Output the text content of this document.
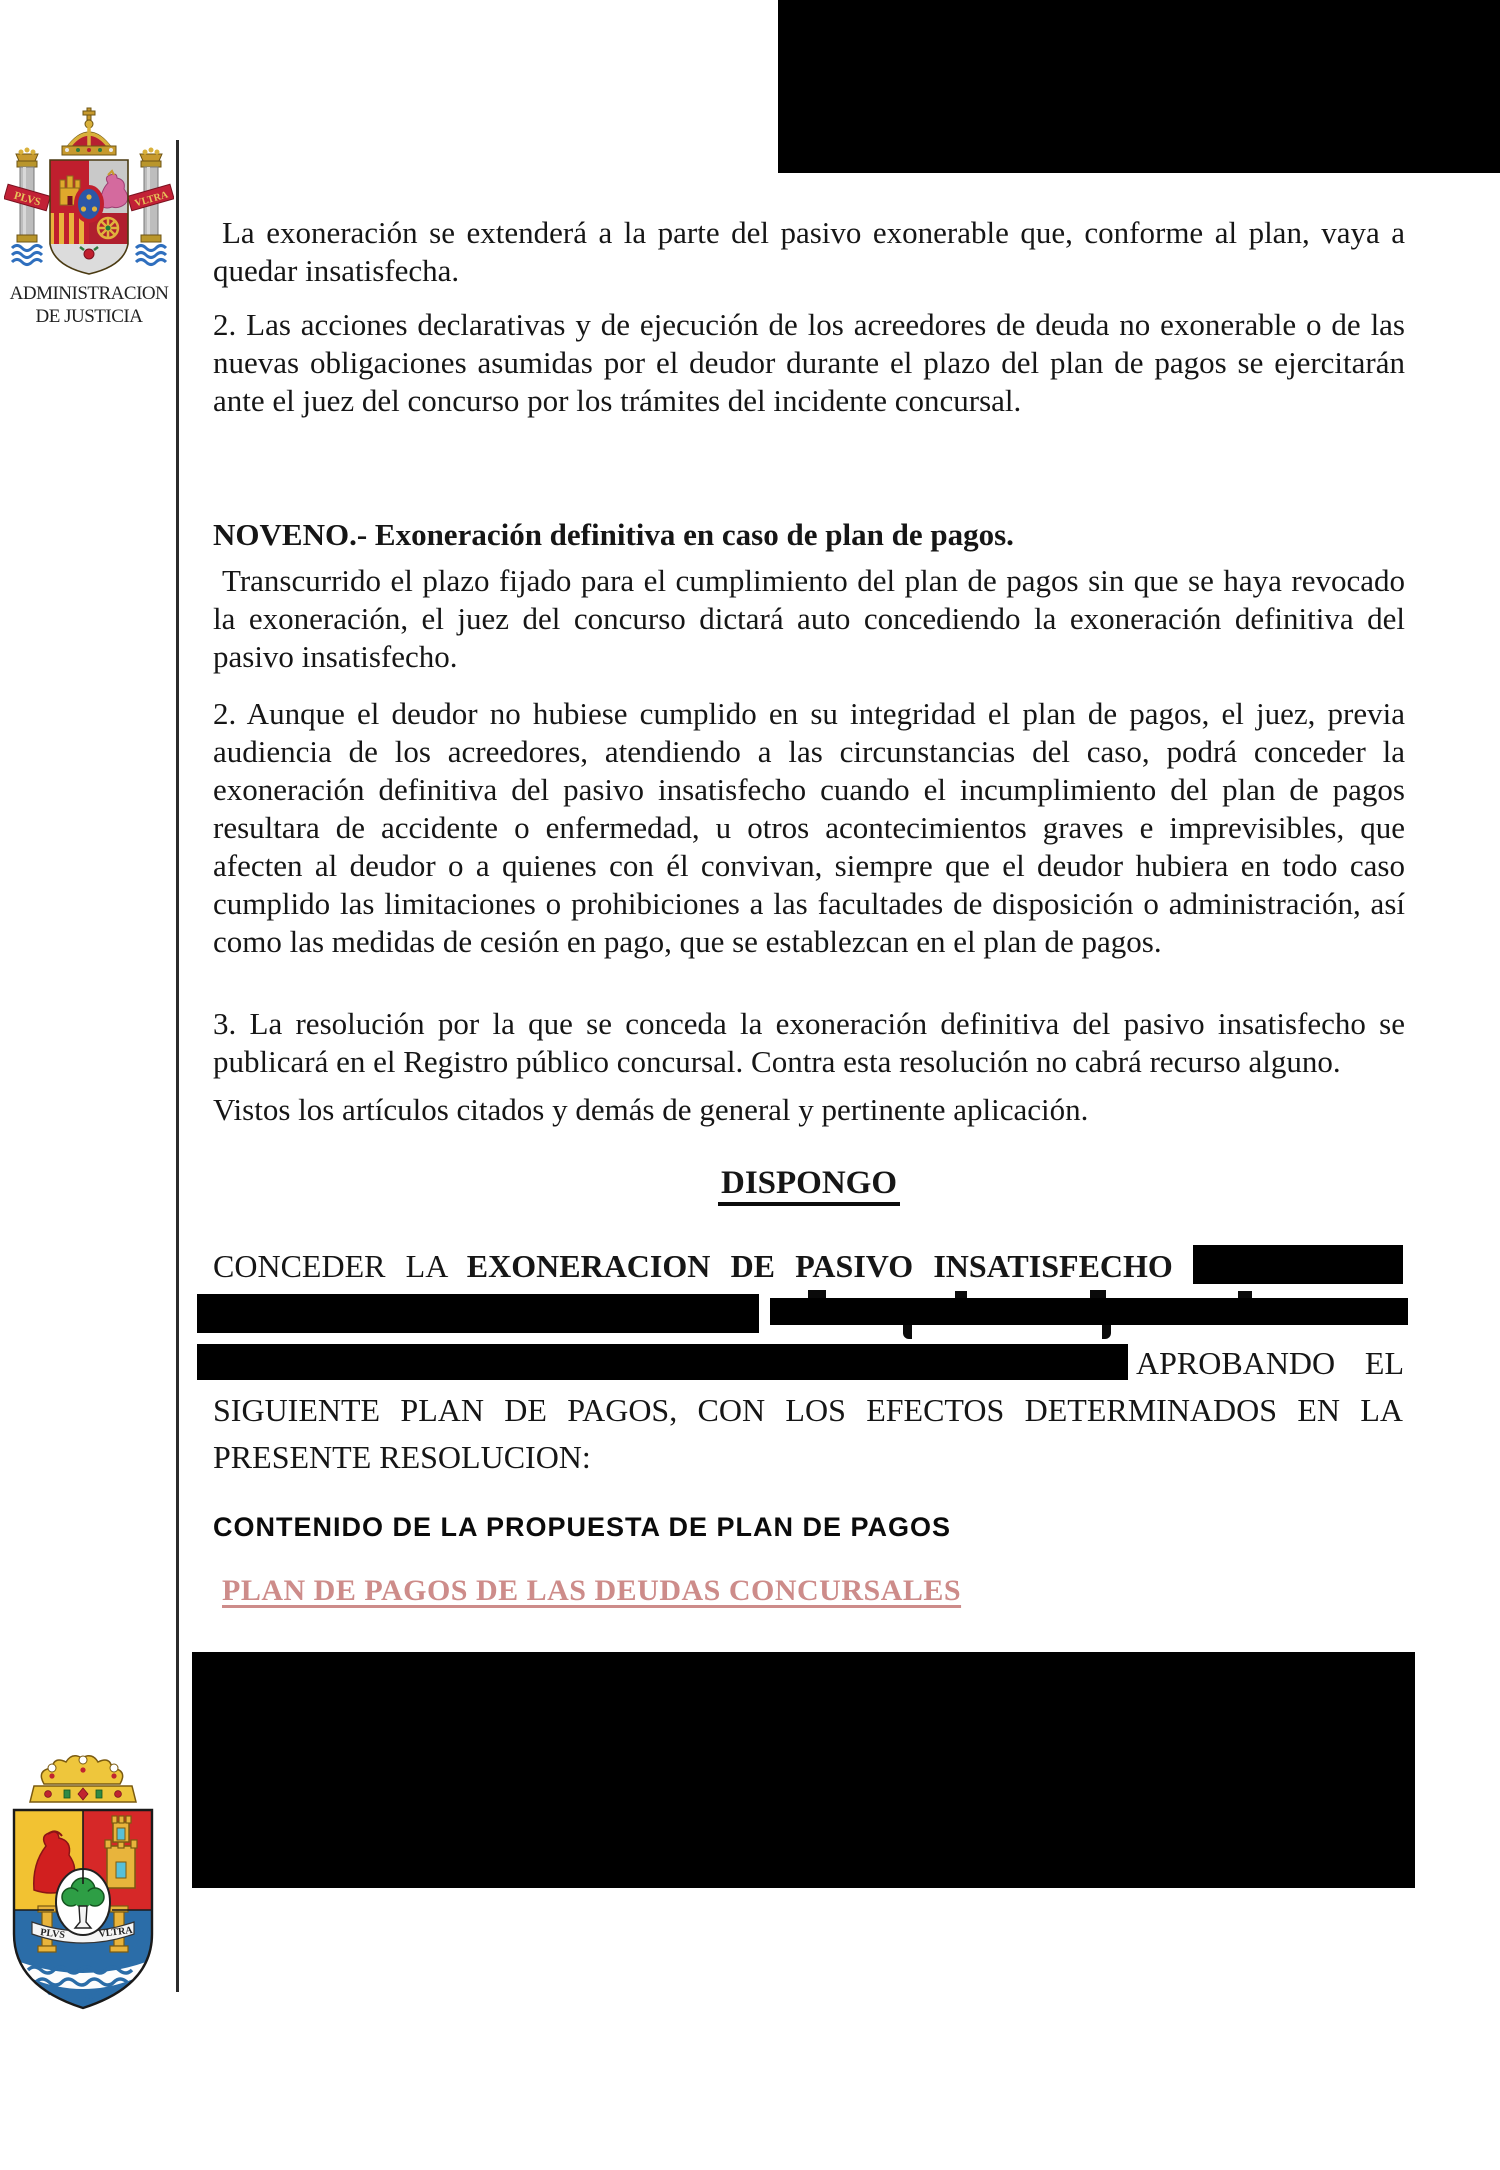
PLVS	VLTRA
ADMINISTRACION
DE JUSTICIA
La exoneración se extenderá a la parte del pasivo exonerable que, conforme al plan, vaya a quedar insatisfecha.
2. Las acciones declarativas y de ejecución de los acreedores de deuda no exonerable o de las nuevas obligaciones asumidas por el deudor durante el plazo del plan de pagos se ejercitarán ante el juez del concurso por los trámites del incidente concursal.
NOVENO.- Exoneración definitiva en caso de plan de pagos.
Transcurrido el plazo fijado para el cumplimiento del plan de pagos sin que se haya revocado la exoneración, el juez del concurso dictará auto concediendo la exoneración definitiva del pasivo insatisfecho.
2. Aunque el deudor no hubiese cumplido en su integridad el plan de pagos, el juez, previa audiencia de los acreedores, atendiendo a las circunstancias del caso, podrá conceder la exoneración definitiva del pasivo insatisfecho cuando el incumplimiento del plan de pagos resultara de accidente o enfermedad, u otros acontecimientos graves e imprevisibles, que afecten al deudor o a quienes con él convivan, siempre que el deudor hubiera en todo caso cumplido las limitaciones o prohibiciones a las facultades de disposición o administración, así como las medidas de cesión en pago, que se establezcan en el plan de pagos.
3. La resolución por la que se conceda la exoneración definitiva del pasivo insatisfecho se publicará en el Registro público concursal. Contra esta resolución no cabrá recurso alguno.
Vistos los artículos citados y demás de general y pertinente aplicación.
DISPONGO
CONCEDER LA EXONERACION DE PASIVO INSATISFECHO
APROBANDO EL
SIGUIENTE PLAN DE PAGOS, CON LOS EFECTOS DETERMINADOS EN LA
PRESENTE RESOLUCION:
CONTENIDO DE LA PROPUESTA DE PLAN DE PAGOS
PLAN DE PAGOS DE LAS DEUDAS CONCURSALES
PLVS	VLTRA
